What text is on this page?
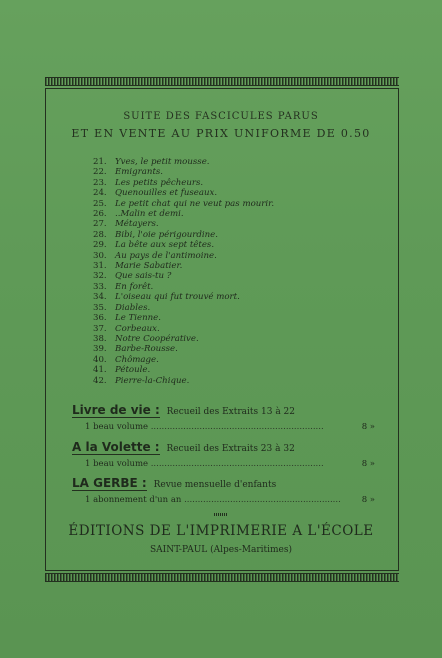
SUITE DES FASCICULES PARUS
ET EN VENTE AU PRIX UNIFORME DE 0.50
21. Yves, le petit mousse.
22. Emigrants.
23. Les petits pêcheurs.
24. Quenouilles et fuseaux.
25. Le petit chat qui ne veut pas mourir.
26. ..Malin et demi.
27. Métayers.
28. Bibi, l'oie périgourdine.
29. La bête aux sept têtes.
30. Au pays de l'antimoine.
31. Marie Sabatier.
32. Que sais-tu ?
33. En forêt.
34. L'oiseau qui fut trouvé mort.
35. Diables.
36. Le Tienne.
37. Corbeaux.
38. Notre Coopérative.
39. Barbe-Rousse.
40. Chômage.
41. Pétoule.
42. Pierre-la-Chique.
Livre de vie : Recueil des Extraits 13 à 22
1 beau volume ................................................................	8 »
A la Volette : Recueil des Extraits 23 à 32
1 beau volume ................................................................	8 »
LA GERBE : Revue mensuelle d'enfants
1 abonnement d'un an .......................................................... 8 »
ÉDITIONS DE L'IMPRIMERIE A L'ÉCOLE
SAINT-PAUL (Alpes-Maritimes)
